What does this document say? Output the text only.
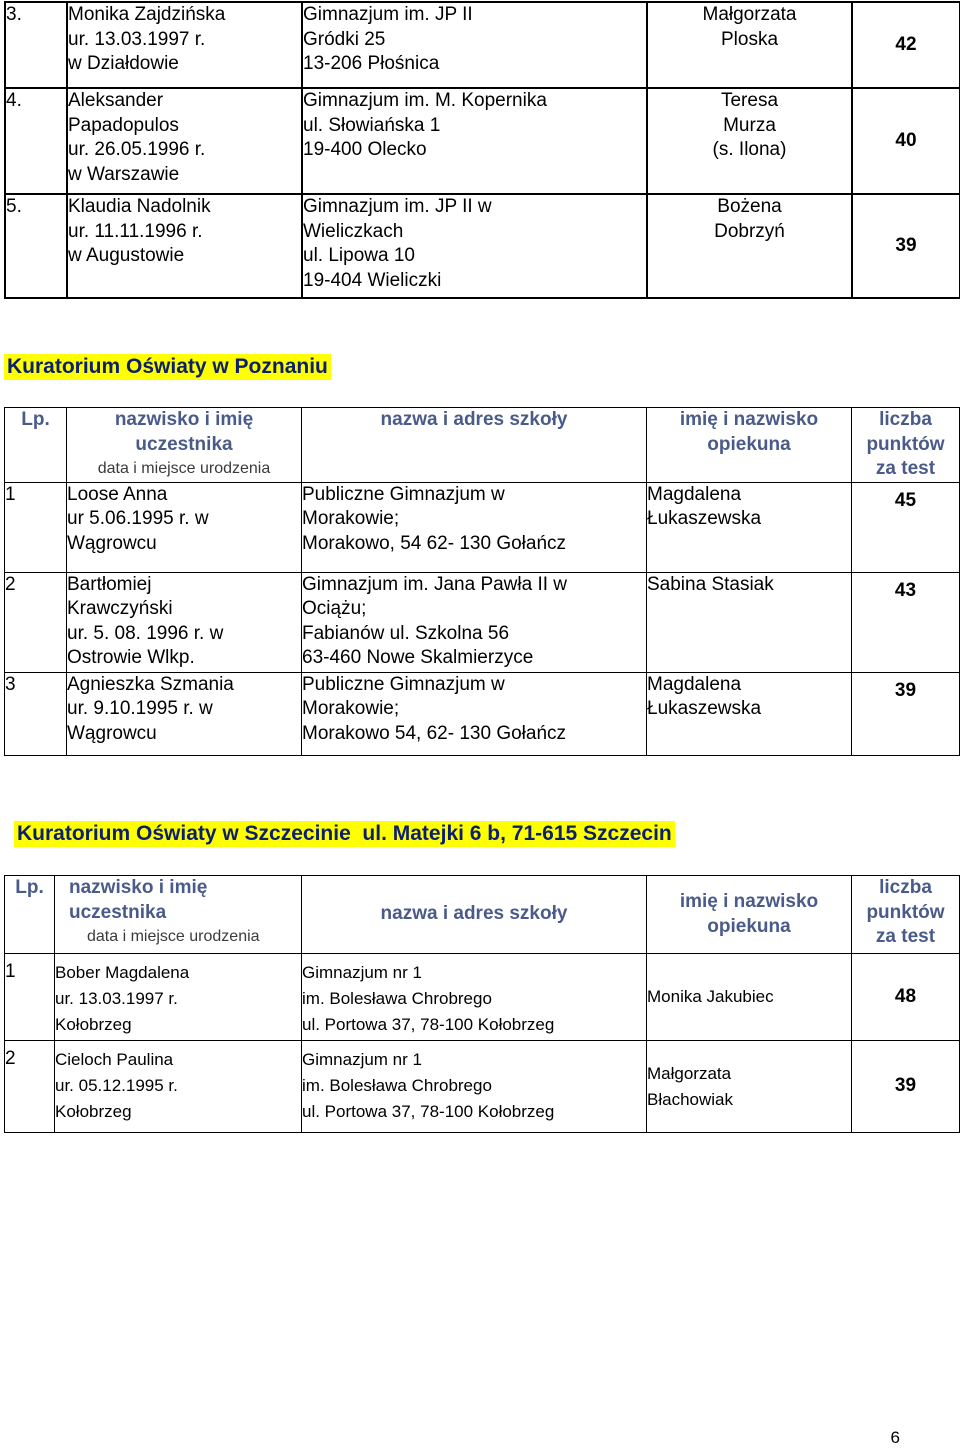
3.	Monika Zajdzińska
ur. 13.03.1997 r.
w Działdowie	Gimnazjum im. JP II
Gródki 25
13-206 Płośnica	Małgorzata
Ploska	42
4.	Aleksander
Papadopulos
ur. 26.05.1996 r.
w Warszawie	Gimnazjum im. M. Kopernika
ul. Słowiańska 1
19-400 Olecko	Teresa
Murza
(s. Ilona)	40
5.	Klaudia Nadolnik
ur. 11.11.1996 r.
w Augustowie	Gimnazjum im. JP II w
Wieliczkach
ul. Lipowa 10
19-404 Wieliczki	Bożena
Dobrzyń	39
Kuratorium Oświaty w Poznaniu
Lp.	nazwisko i imię
uczestnika
data i miejsce urodzenia	nazwa i adres szkoły	imię i nazwisko
opiekuna	liczba
punktów
za test

1	Loose Anna
ur 5.06.1995 r. w
Wągrowcu	Publiczne Gimnazjum w
Morakowie;
Morakowo, 54 62- 130 Gołańcz	Magdalena
Łukaszewska	45
2	Bartłomiej
Krawczyński
ur. 5. 08. 1996 r. w
Ostrowie Wlkp.	Gimnazjum im. Jana Pawła II w
Ociążu;
Fabianów ul. Szkolna 56
63-460 Nowe Skalmierzyce	Sabina Stasiak	43
3	Agnieszka Szmania
ur. 9.10.1995 r. w
Wągrowcu	Publiczne Gimnazjum w
Morakowie;
Morakowo 54, 62- 130 Gołańcz	Magdalena
Łukaszewska	39
Kuratorium Oświaty w Szczecinie  ul. Matejki 6 b, 71-615 Szczecin
Lp.	nazwisko i imię uczestnika
data i miejsce urodzenia	nazwa i adres szkoły	imię i nazwisko
opiekuna	liczba
punktów
za test

1	Bober Magdalena
ur. 13.03.1997 r.
Kołobrzeg	Gimnazjum nr 1
im. Bolesława Chrobrego
ul. Portowa 37, 78-100 Kołobrzeg	Monika Jakubiec	48
2	Cieloch Paulina
ur. 05.12.1995 r.
Kołobrzeg	Gimnazjum nr 1
im. Bolesława Chrobrego
ul. Portowa 37, 78-100 Kołobrzeg	Małgorzata
Błachowiak	39
6
